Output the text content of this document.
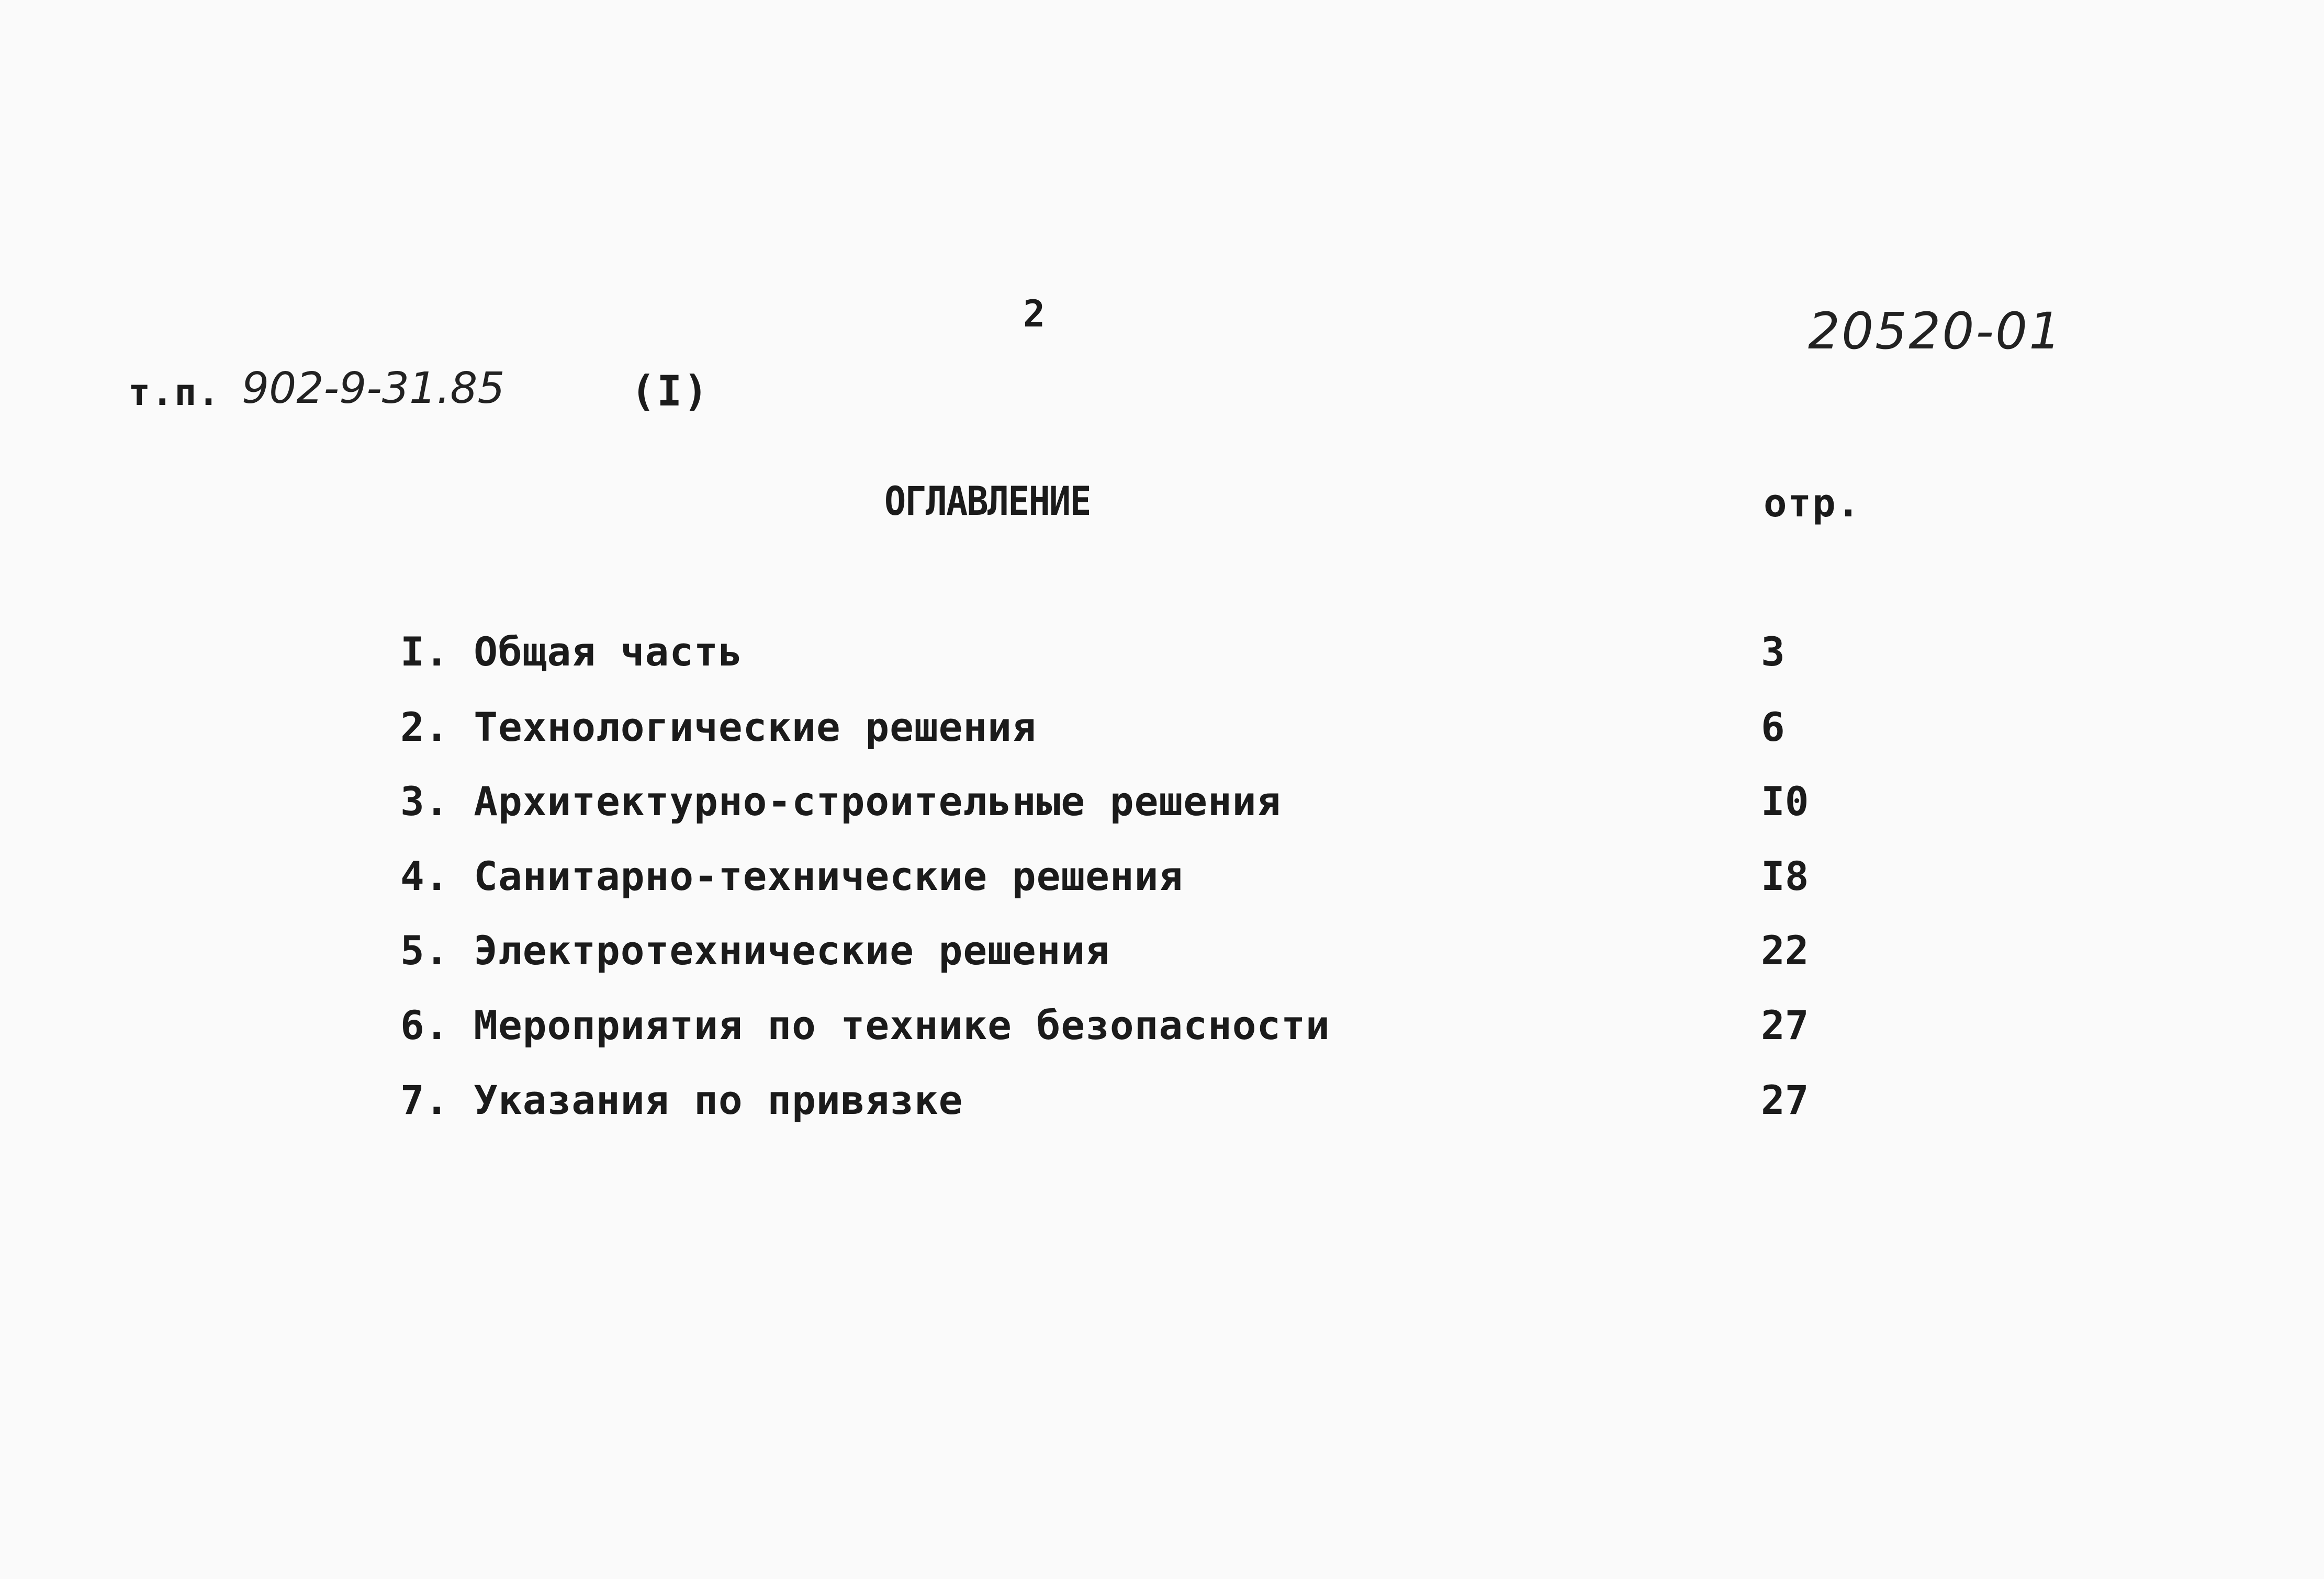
2	20520-01
т.п. 902-9-31.85	(I)
ОГЛАВЛЕНИЕ	отр.
I. Общая часть	3
2. Технологические решения	6
3. Архитектурно-строительные решения	I0
4. Санитарно-технические решения	I8
5. Электротехнические решения	22
6. Мероприятия по технике безопасности	27
7. Указания по привязке	27
